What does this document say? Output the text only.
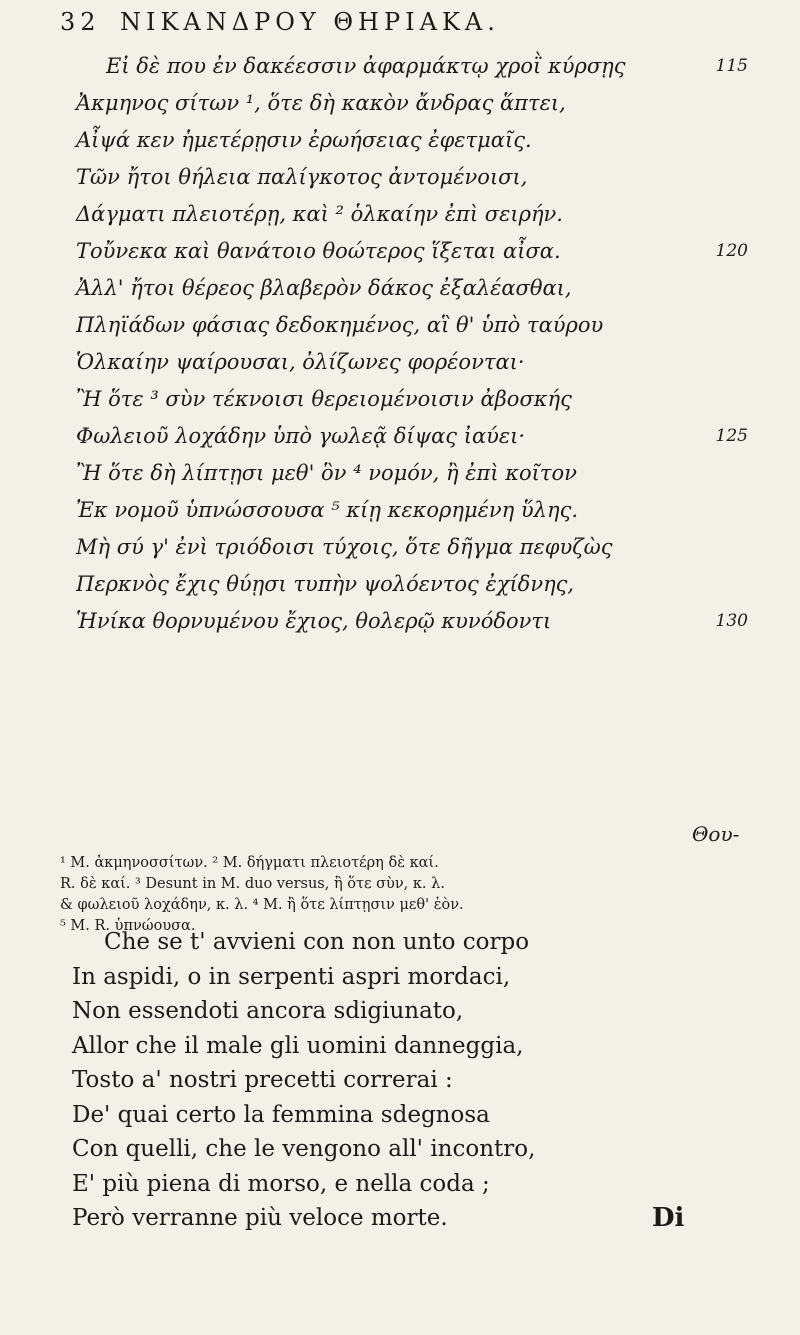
32 ΝΙΚΑΝΔΡΟΥ ΘΗΡΙΑΚΑ.
Εἰ δὲ που ἐν δακέεσσιν ἀφαρμάκτῳ χροῒ κύρσῃς
Ἀκμηνος σίτων ¹, ὅτε δὴ κακὸν ἄνδρας ἅπτει,
Αἶψά κεν ἡμετέρῃσιν ἐρωήσειας ἐφετμαῖς.
Τῶν ἤτοι θήλεια παλίγκοτος ἀντομένοισι,
Δάγματι πλειοτέρῃ, καὶ ² ὁλκαίην ἐπὶ σειρήν.
Τοὔνεκα καὶ θανάτοιο θοώτερος ἵξεται αἶσα.
Ἀλλ' ἤτοι θέρεος βλαβερὸν δάκος ἐξαλέασθαι,
Πληϊάδων φάσιας δεδοκημένος, αἳ θ' ὑπὸ ταύρου
Ὁλκαίην ψαίρουσαι, ὀλίζωνες φορέονται·
Ἢ ὅτε ³ σὺν τέκνοισι θερειομένοισιν ἀβοσκής
Φωλειοῦ λοχάδην ὑπὸ γωλεᾷ δίψας ἰαύει·
Ἢ ὅτε δὴ λίπτῃσι μεθ' ὃν ⁴ νομόν, ἢ ἐπὶ κοῖτον
Ἐκ νομοῦ ὑπνώσσουσα ⁵ κίῃ κεκορημένη ὕλης.
Μὴ σύ γ' ἐνὶ τριόδοισι τύχοις, ὅτε δῆγμα πεφυζὼς
Περκνὸς ἔχις θύῃσι τυπὴν ψολόεντος ἐχίδνης,
Ἡνίκα θορνυμένου ἔχιος, θολερῷ κυνόδοντι
115
120
125
130
Θου-
¹ M. ἀκμηνοσσίτων. ² M. δήγματι πλειοτέρη δὲ καί.
R. δὲ καί. ³ Desunt in M. duo versus, ἢ ὅτε σὺν, κ. λ.
& φωλειοῦ λοχάδην, κ. λ. ⁴ M. ἢ ὅτε λίπτῃσιν μεθ' ἑὸν.
⁵ M. R. ὑπνώουσα.
Che se t' avvieni con non unto corpo
In aspidi, o in serpenti aspri mordaci,
Non essendoti ancora sdigiunato,
Allor che il male gli uomini danneggia,
Tosto a' nostri precetti correrai :
De' quai certo la femmina sdegnosa
Con quelli, che le vengono all' incontro,
E' più piena di morso, e nella coda ;
Però verranne più veloce morte.	Di
